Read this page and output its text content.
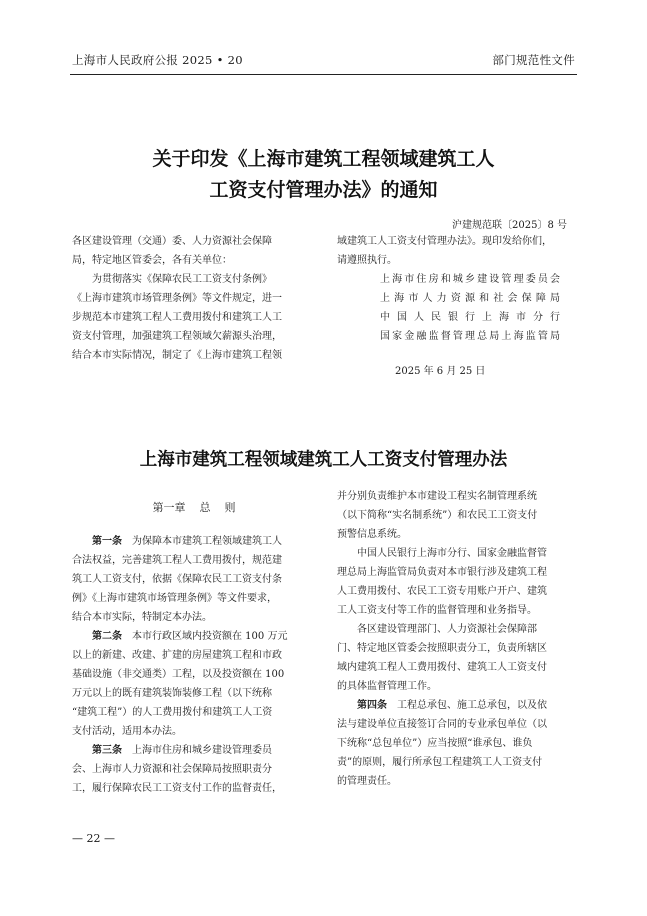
上海市人民政府公报 2025 • 20	部门规范性文件
关于印发《上海市建筑工程领域建筑工人
工资支付管理办法》的通知
沪建规范联〔2025〕8 号

各区建设管理（交通）委、人力资源社会保障

局，特定地区管委会，各有关单位：

为贯彻落实《保障农民工工资支付条例》

《上海市建筑市场管理条例》等文件规定，进一

步规范本市建筑工程人工费用拨付和建筑工人工

资支付管理，加强建筑工程领域欠薪源头治理，

结合本市实际情况，制定了《上海市建筑工程领

域建筑工人工资支付管理办法》。现印发给你们，

请遵照执行。

上海市住房和城乡建设管理委员会

上海市人力资源和社会保障局

中国人民银行上海市分行

国家金融监督管理总局上海监管局

2025 年 6 月 25 日
上海市建筑工程领域建筑工人工资支付管理办法
第一章 总 则

第一条　 为保障本市建筑工程领域建筑工人

合法权益，完善建筑工程人工费用拨付，规范建

筑工人工资支付，依据《保障农民工工资支付条

例》《上海市建筑市场管理条例》等文件要求，

结合本市实际，特制定本办法。

第二条　 本市行政区域内投资额在 100 万元

以上的新建、改建、扩建的房屋建筑工程和市政

基础设施（非交通类）工程，以及投资额在 100

万元以上的既有建筑装饰装修工程（以下统称

“建筑工程”）的人工费用拨付和建筑工人工资

支付活动，适用本办法。

第三条　 上海市住房和城乡建设管理委员

会、上海市人力资源和社会保障局按照职责分

工，履行保障农民工工资支付工作的监督责任，

并分别负责维护本市建设工程实名制管理系统

（以下简称“实名制系统”）和农民工工资支付

预警信息系统。

中国人民银行上海市分行、国家金融监督管

理总局上海监管局负责对本市银行涉及建筑工程

人工费用拨付、农民工工资专用账户开户、建筑

工人工资支付等工作的监督管理和业务指导。

各区建设管理部门、人力资源社会保障部

门、特定地区管委会按照职责分工，负责所辖区

域内建筑工程人工费用拨付、建筑工人工资支付

的具体监督管理工作。

第四条　 工程总承包、施工总承包，以及依

法与建设单位直接签订合同的专业承包单位（以

下统称“总包单位”）应当按照“谁承包、谁负

责”的原则，履行所承包工程建筑工人工资支付

的管理责任。

— 22 —
